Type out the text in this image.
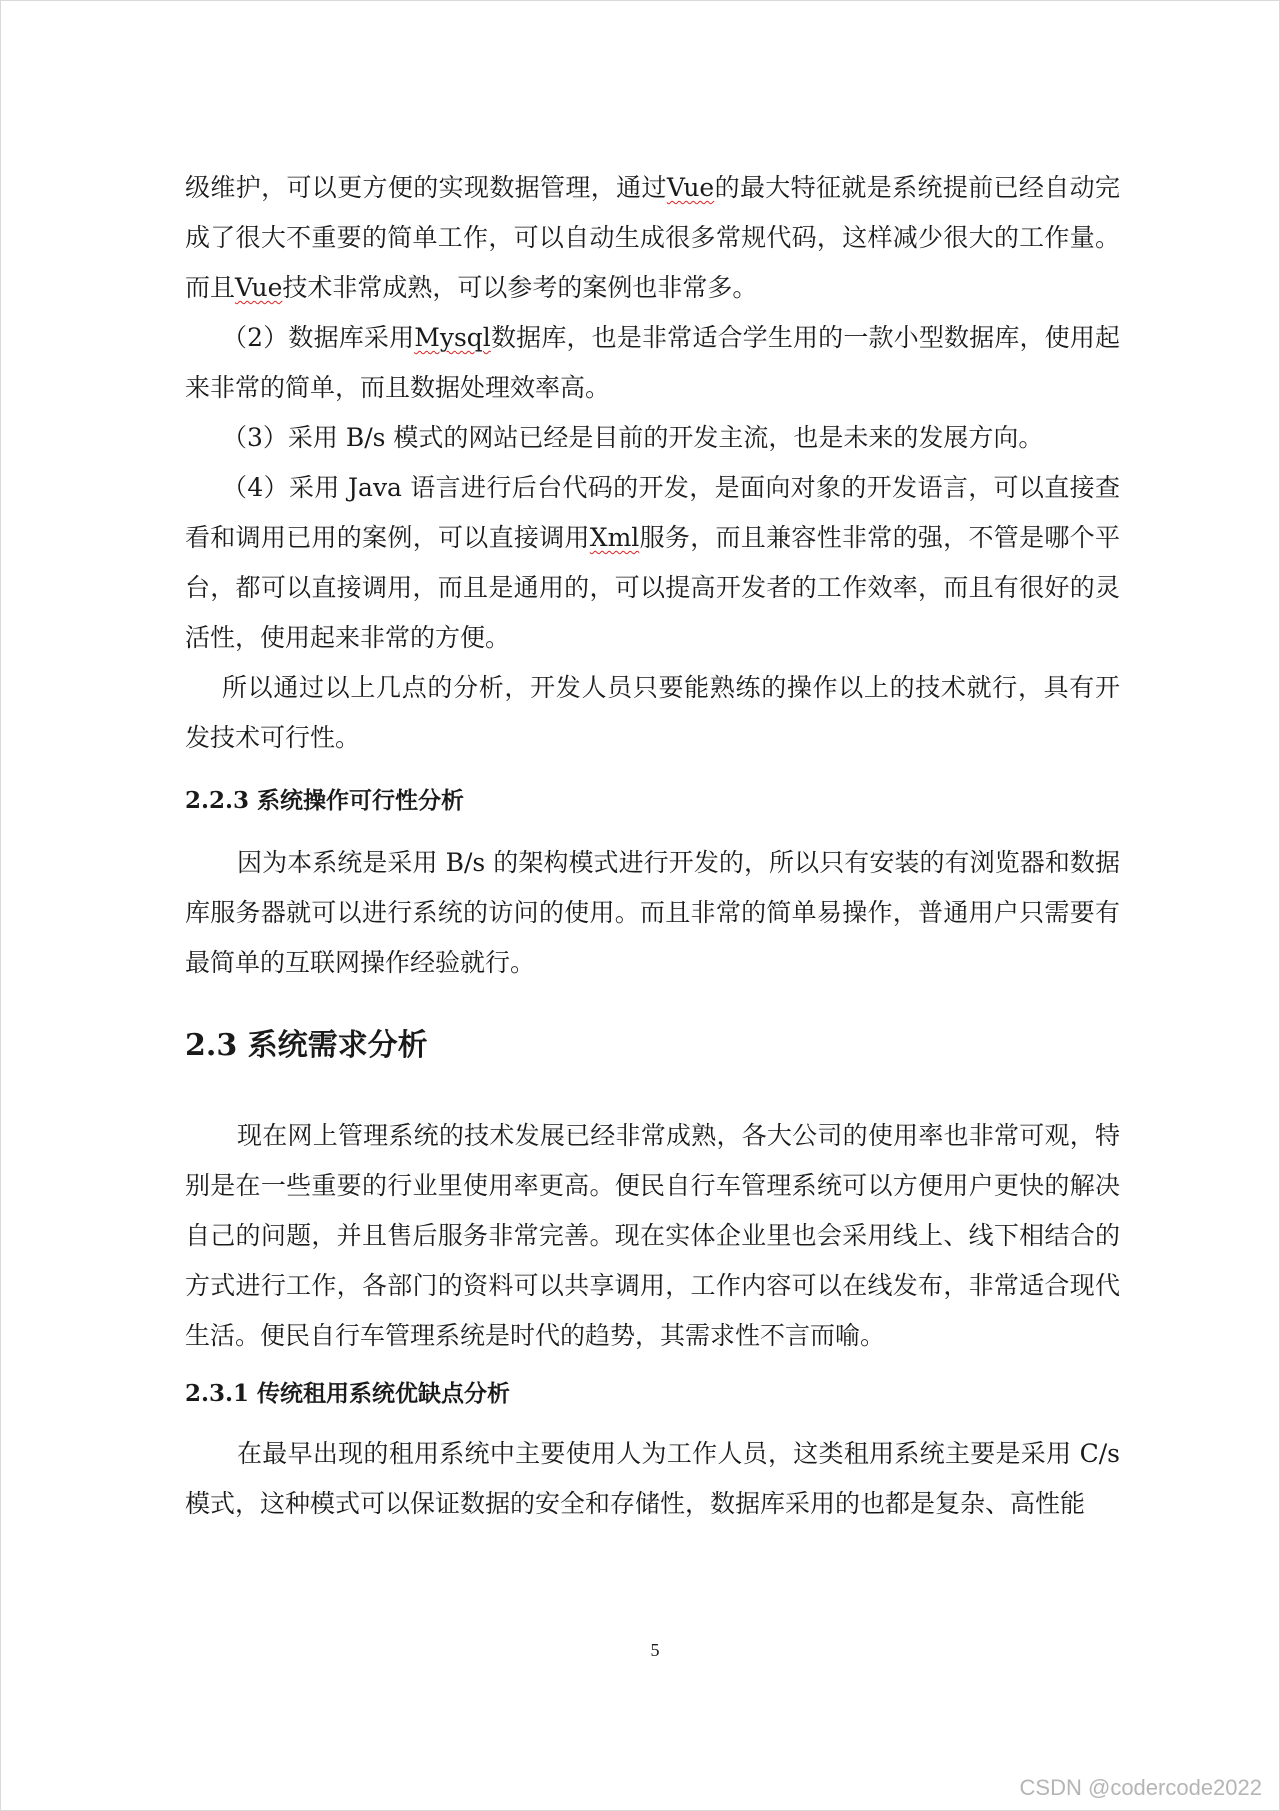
级维护，可以更方便的实现数据管理，通过Vue的最大特征就是系统提前已经自动完成了很大不重要的简单工作，可以自动生成很多常规代码，这样减少很大的工作量。而且Vue技术非常成熟，可以参考的案例也非常多。

（2）数据库采用Mysql数据库，也是非常适合学生用的一款小型数据库，使用起来非常的简单，而且数据处理效率高。

（3）采用 B/s 模式的网站已经是目前的开发主流，也是未来的发展方向。

（4）采用 Java 语言进行后台代码的开发，是面向对象的开发语言，可以直接查看和调用已用的案例，可以直接调用Xml服务，而且兼容性非常的强，不管是哪个平台，都可以直接调用，而且是通用的，可以提高开发者的工作效率，而且有很好的灵活性，使用起来非常的方便。

所以通过以上几点的分析，开发人员只要能熟练的操作以上的技术就行，具有开发技术可行性。

2.2.3 系统操作可行性分析

因为本系统是采用 B/s 的架构模式进行开发的，所以只有安装的有浏览器和数据库服务器就可以进行系统的访问的使用。而且非常的简单易操作，普通用户只需要有最简单的互联网操作经验就行。

2.3 系统需求分析

现在网上管理系统的技术发展已经非常成熟，各大公司的使用率也非常可观，特别是在一些重要的行业里使用率更高。便民自行车管理系统可以方便用户更快的解决自己的问题，并且售后服务非常完善。现在实体企业里也会采用线上、线下相结合的方式进行工作，各部门的资料可以共享调用，工作内容可以在线发布，非常适合现代生活。便民自行车管理系统是时代的趋势，其需求性不言而喻。

2.3.1 传统租用系统优缺点分析

在最早出现的租用系统中主要使用人为工作人员，这类租用系统主要是采用 C/s 模式，这种模式可以保证数据的安全和存储性，数据库采用的也都是复杂、高性能

5
CSDN @codercode2022
